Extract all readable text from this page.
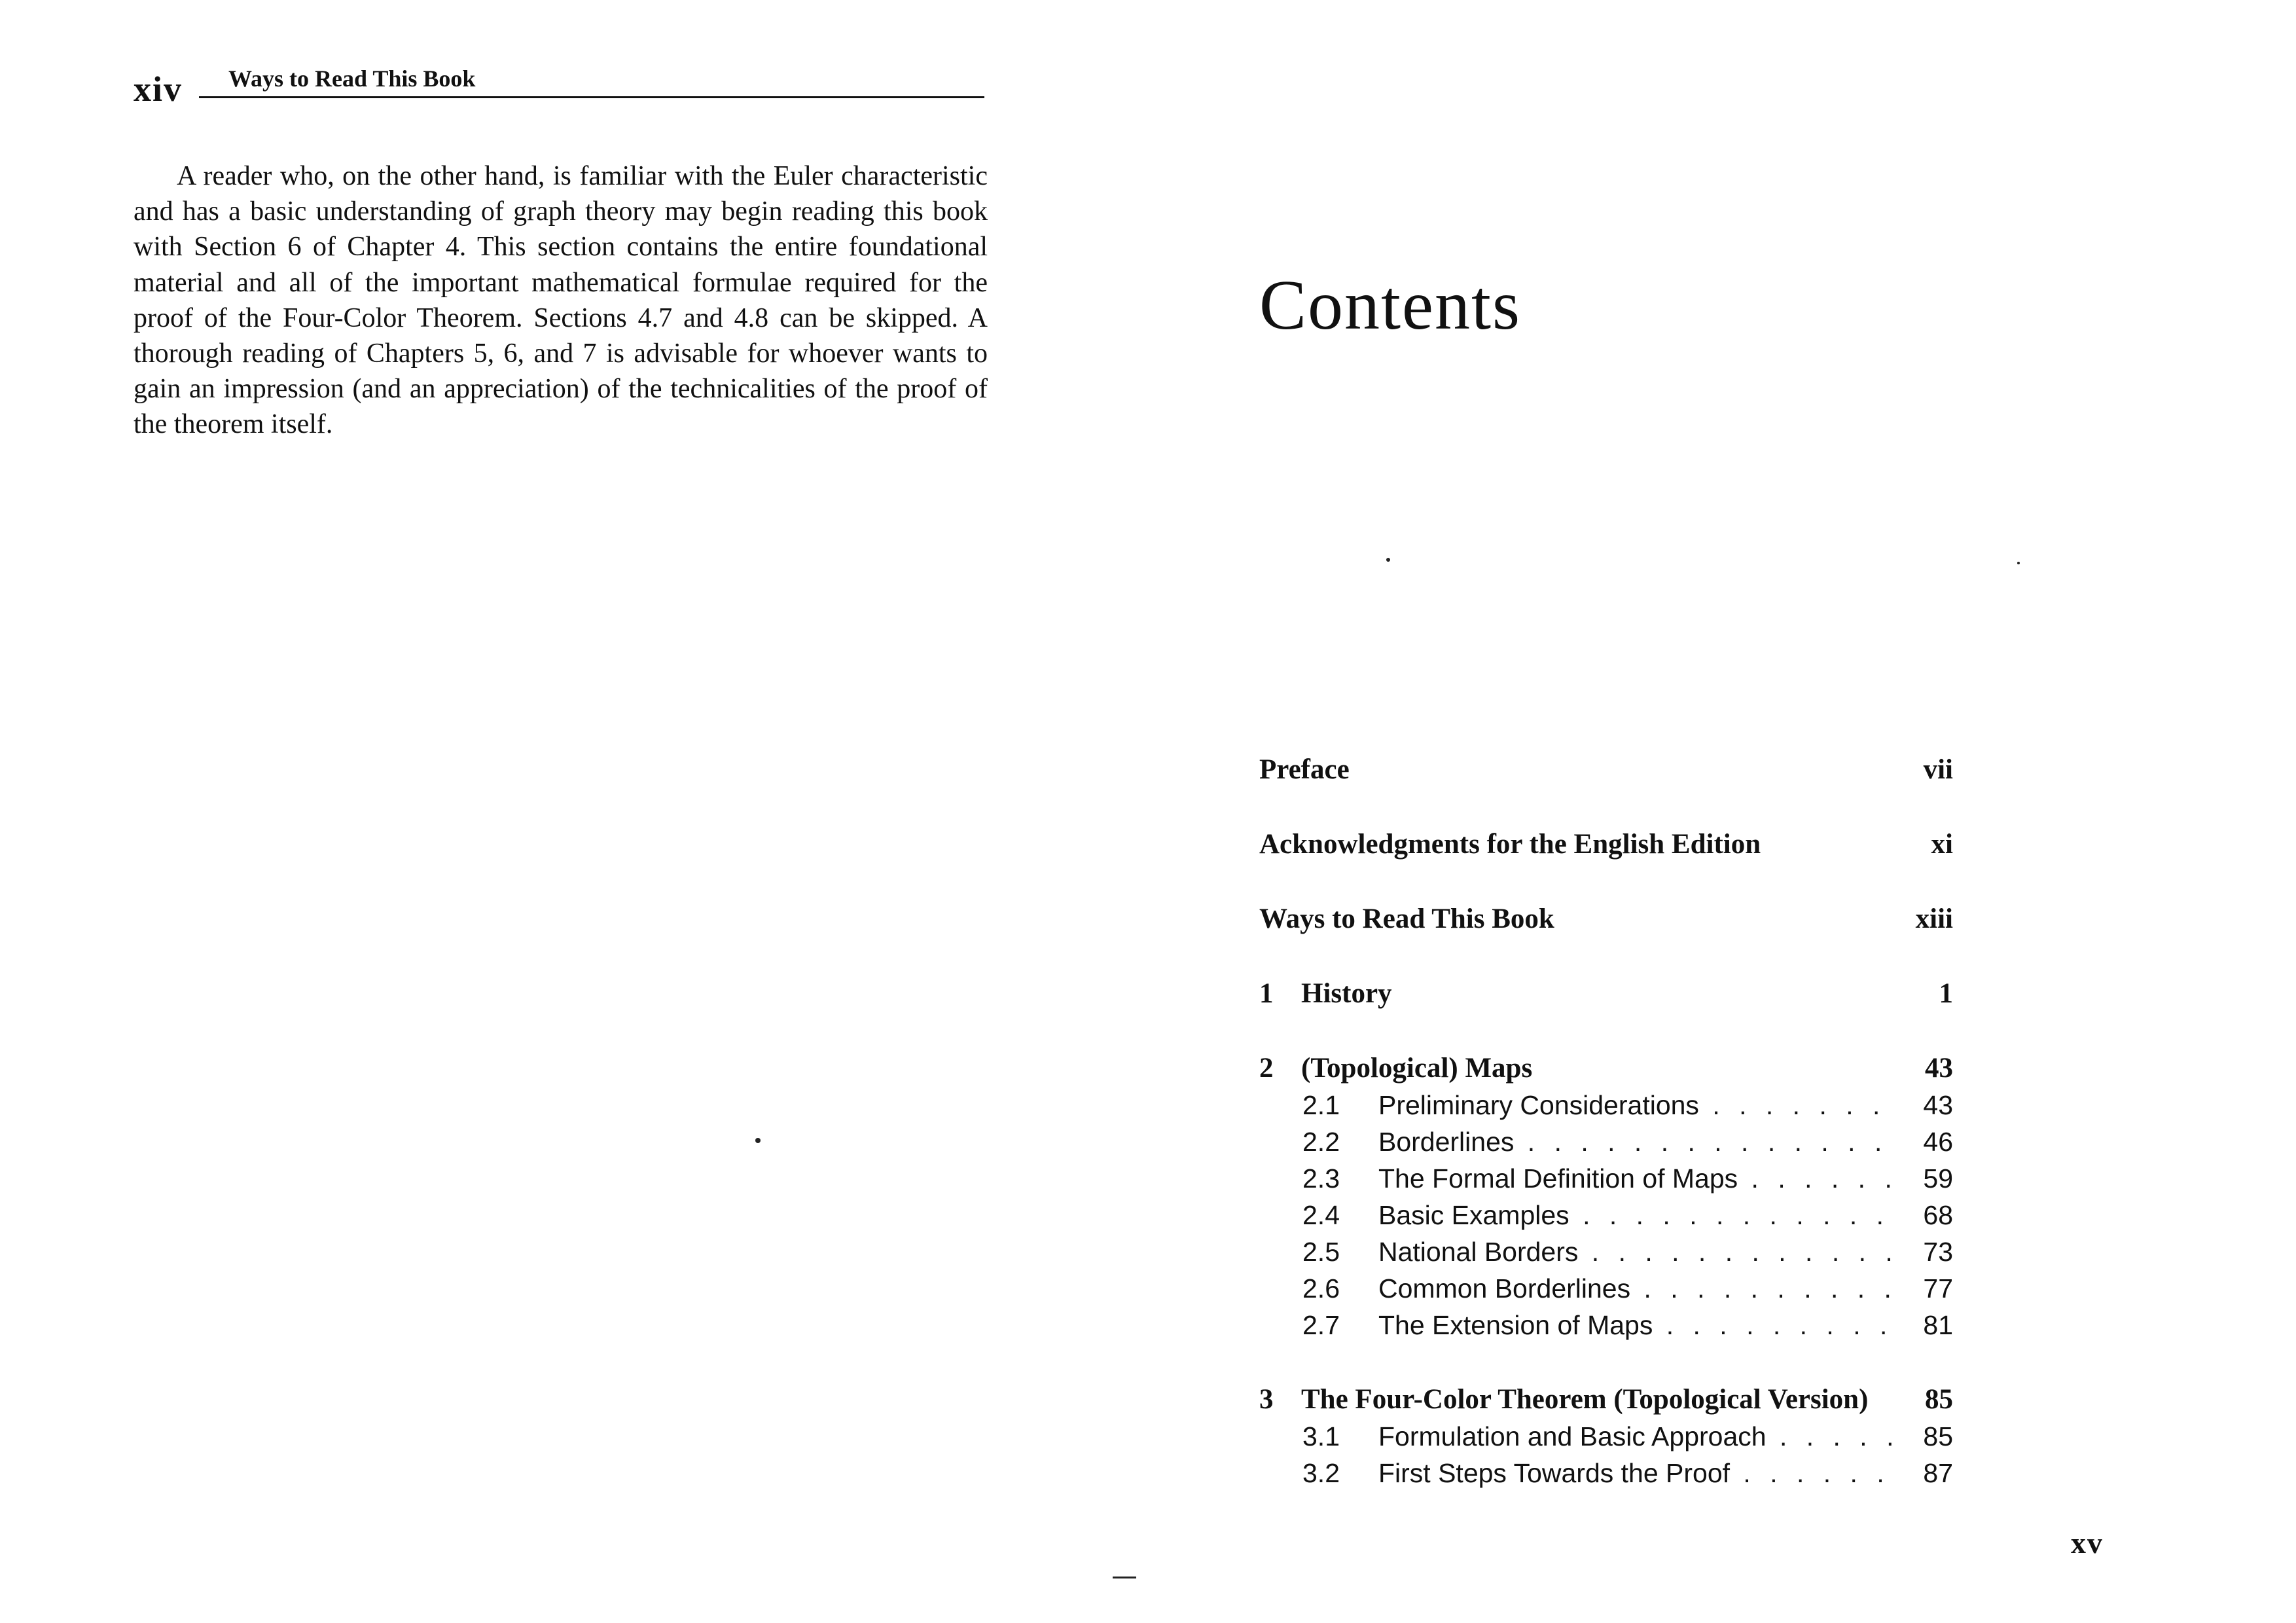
xiv Ways to Read This Book

A reader who, on the other hand, is familiar with the Euler characteristic and has a basic understanding of graph theory may begin reading this book with Section 6 of Chapter 4. This section contains the entire foundational material and all of the important mathematical formulae required for the proof of the Four-Color Theorem. Sections 4.7 and 4.8 can be skipped. A thorough reading of Chapters 5, 6, and 7 is advisable for whoever wants to gain an impression (and an appreciation) of the technicalities of the proof of the theorem itself.

Contents
Preface	vii
Acknowledgments for the English Edition	xi
Ways to Read This Book	xiii
1 History	1
2 (Topological) Maps	43
2.1 Preliminary Considerations . . .	43
2.2 Borderlines . . .	46
2.3 The Formal Definition of Maps . . .	59
2.4 Basic Examples . . .	68
2.5 National Borders . . .	73
2.6 Common Borderlines . . .	77
2.7 The Extension of Maps . . .	81
3 The Four-Color Theorem (Topological Version) 85
3.1 Formulation and Basic Approach . . .	85
3.2 First Steps Towards the Proof . . .	87
xv
